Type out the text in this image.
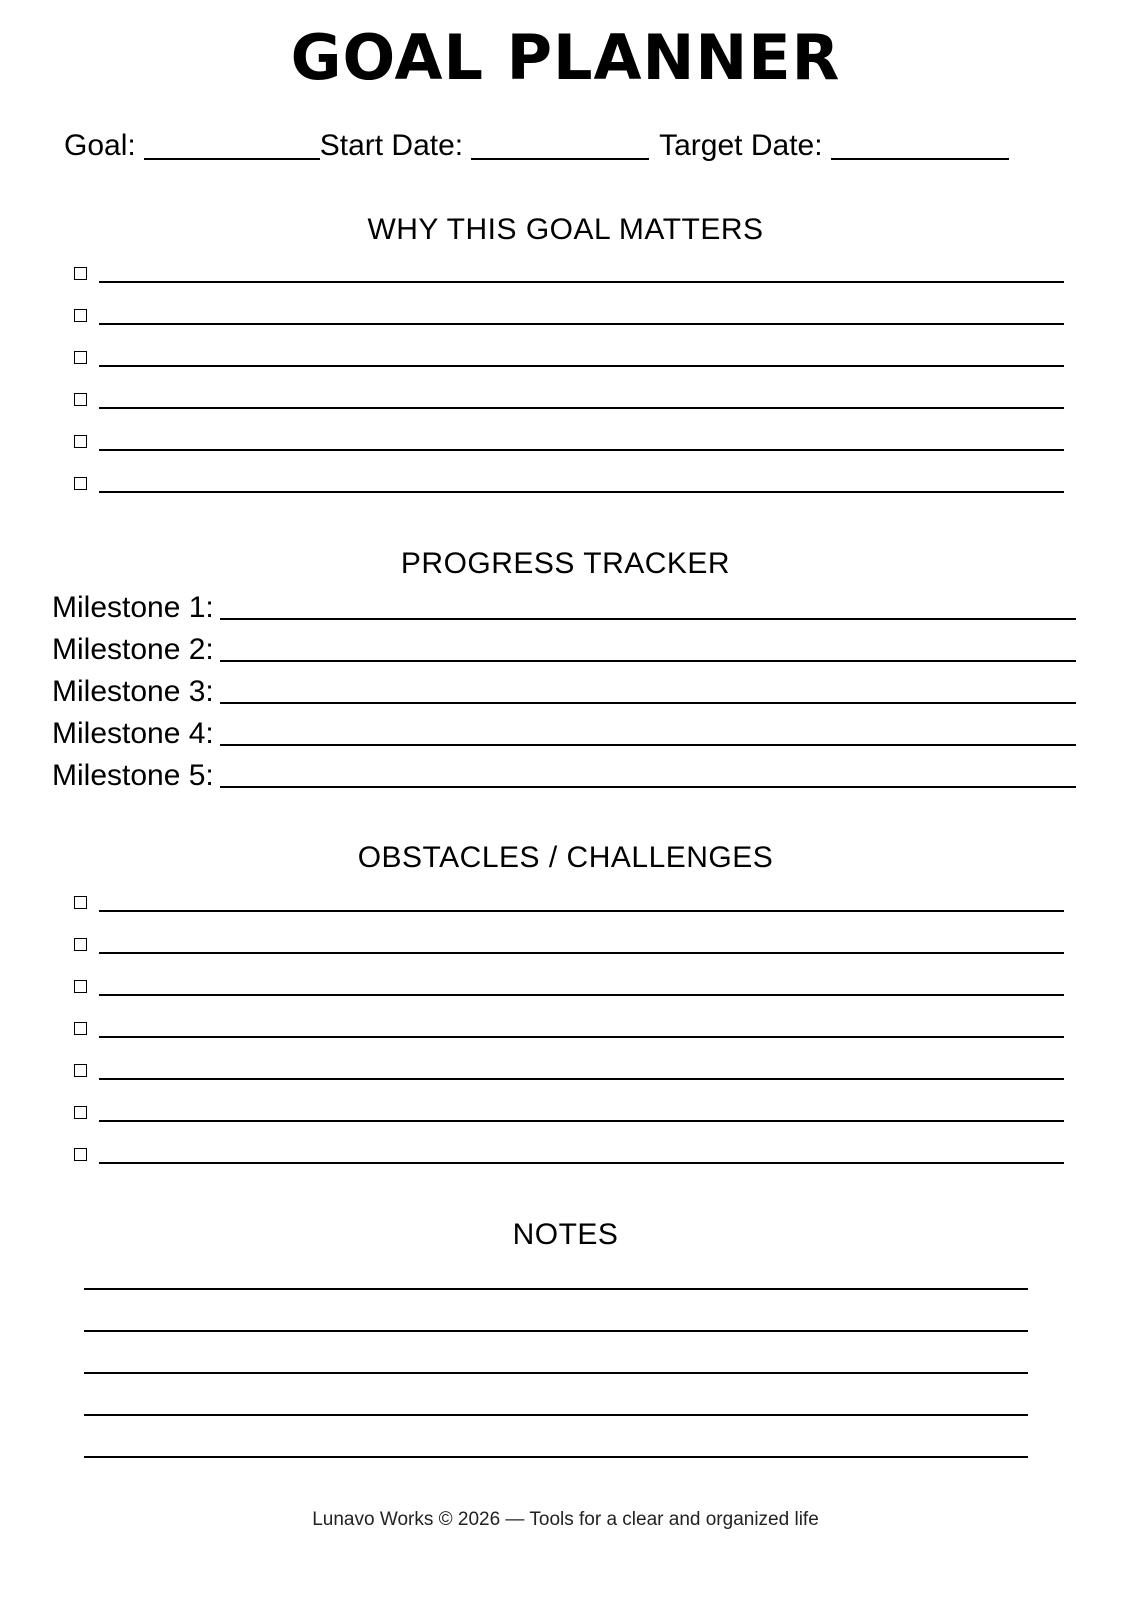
GOAL PLANNER
Goal:	Start Date:	Target Date:
WHY THIS GOAL MATTERS
PROGRESS TRACKER
Milestone 1:
Milestone 2:
Milestone 3:
Milestone 4:
Milestone 5:
OBSTACLES / CHALLENGES
NOTES
Lunavo Works © 2026 — Tools for a clear and organized life
